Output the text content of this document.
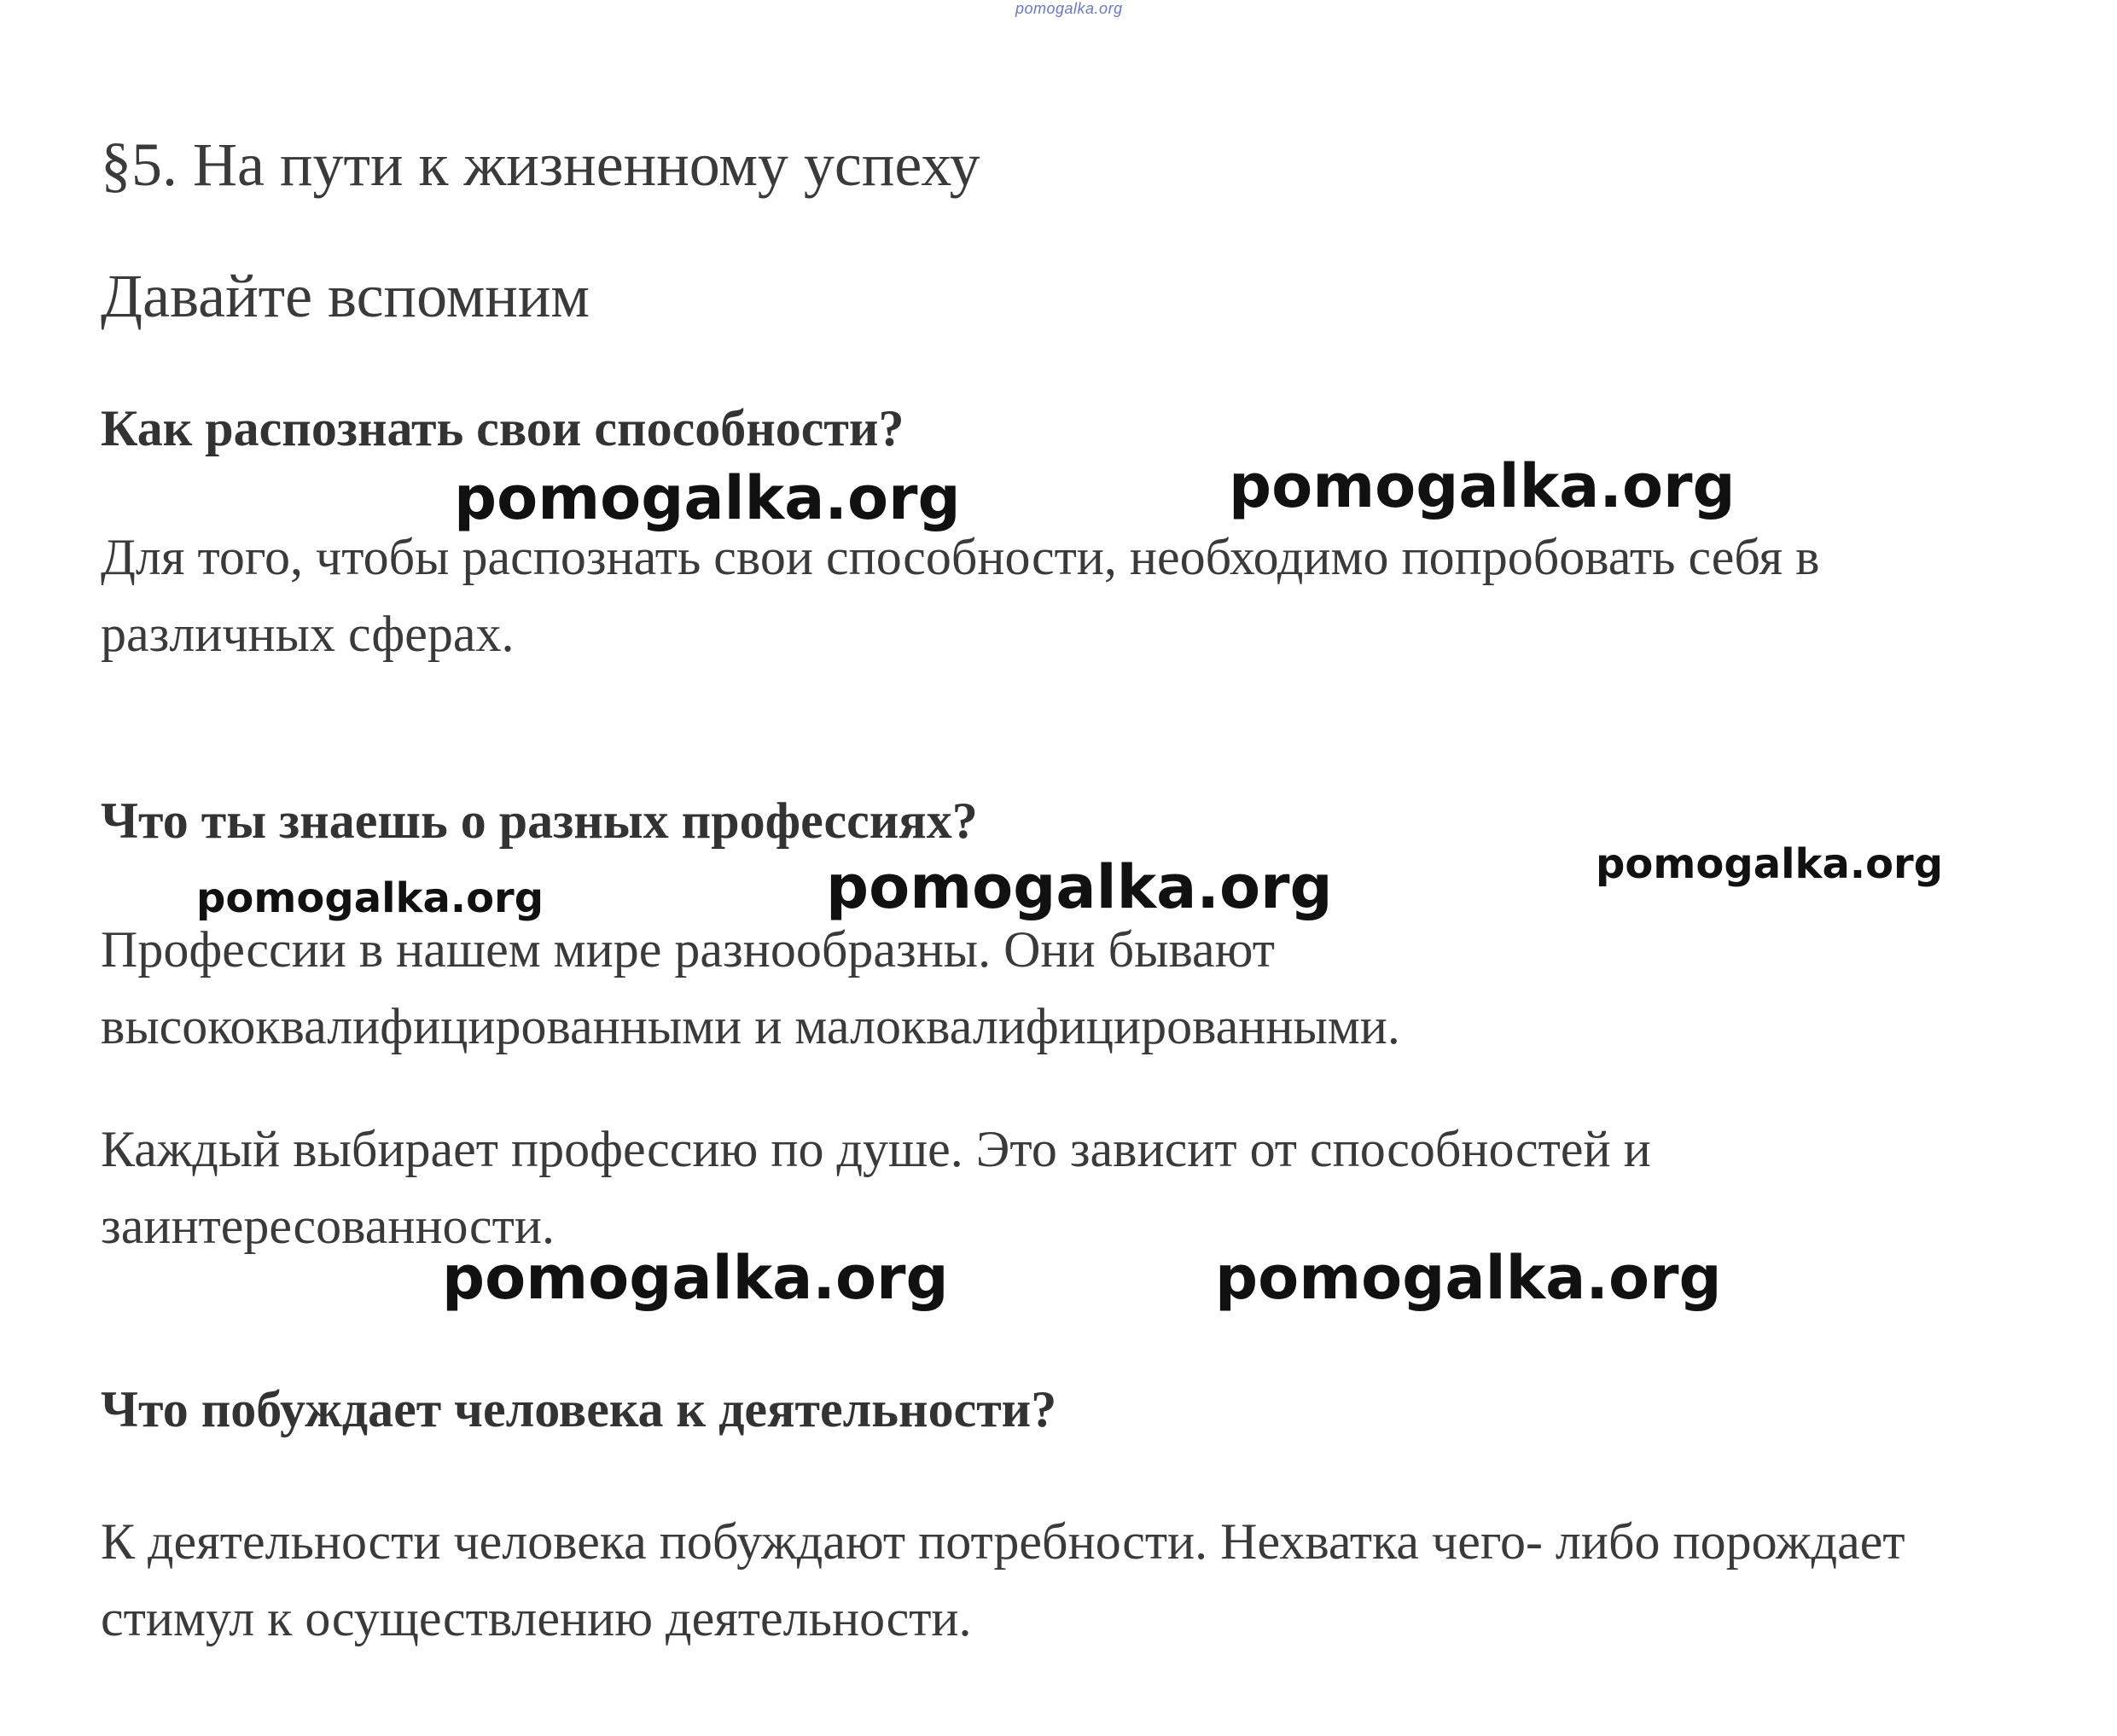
pomogalka.org
§5. На пути к жизненному успеху
Давайте вспомним
Как распознать свои способности?

Для того, чтобы распознать свои способности, необходимо попробовать себя в различных сферах.

Что ты знаешь о разных профессиях?

Профессии в нашем мире разнообразны. Они бывают высококвалифицированными и малоквалифицированными.

Каждый выбирает профессию по душе. Это зависит от способностей и заинтересованности.

Что побуждает человека к деятельности?

К деятельности человека побуждают потребности. Нехватка чего- либо порождает стимул к осуществлению деятельности.

pomogalka.org	pomogalka.org
pomogalka.org	pomogalka.org	pomogalka.org
pomogalka.org	pomogalka.org
